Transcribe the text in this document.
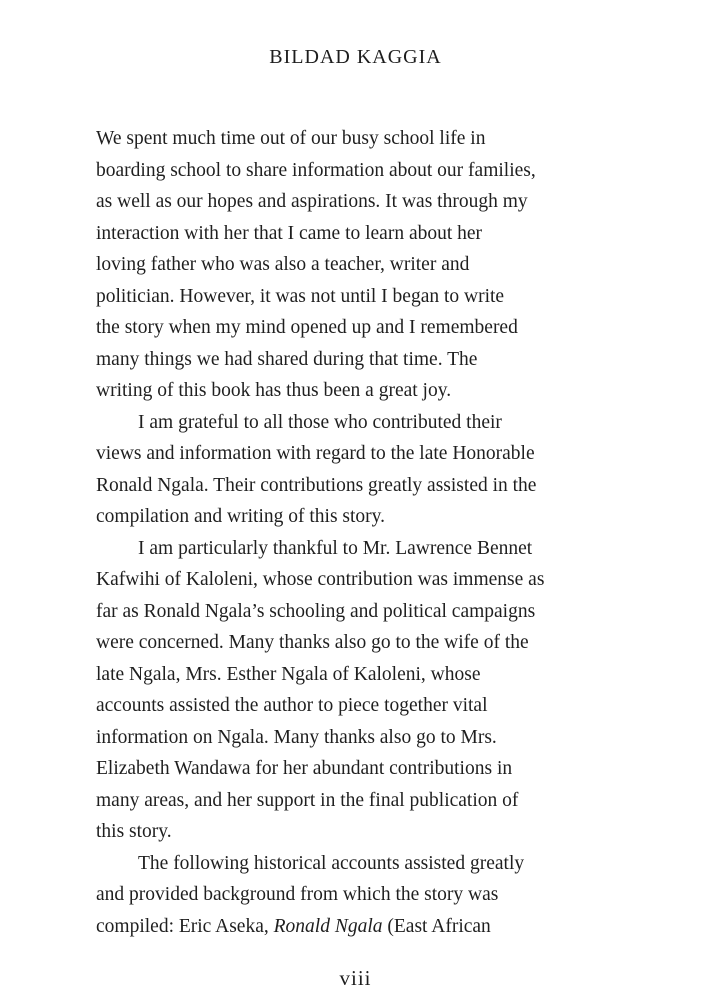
BILDAD KAGGIA

We spent much time out of our busy school life in
boarding school to share information about our families,
as well as our hopes and aspirations. It was through my
interaction with her that I came to learn about her
loving father who was also a teacher, writer and
politician. However, it was not until I began to write
the story when my mind opened up and I remembered
many things we had shared during that time. The
writing of this book has thus been a great joy.

I am grateful to all those who contributed their
views and information with regard to the late Honorable
Ronald Ngala. Their contributions greatly assisted in the
compilation and writing of this story.

I am particularly thankful to Mr. Lawrence Bennet
Kafwihi of Kaloleni, whose contribution was immense as
far as Ronald Ngala’s schooling and political campaigns
were concerned. Many thanks also go to the wife of the
late Ngala, Mrs. Esther Ngala of Kaloleni, whose
accounts assisted the author to piece together vital
information on Ngala. Many thanks also go to Mrs.
Elizabeth Wandawa for her abundant contributions in
many areas, and her support in the final publication of
this story.

The following historical accounts assisted greatly
and provided background from which the story was
compiled: Eric Aseka, Ronald Ngala (East African

viii
